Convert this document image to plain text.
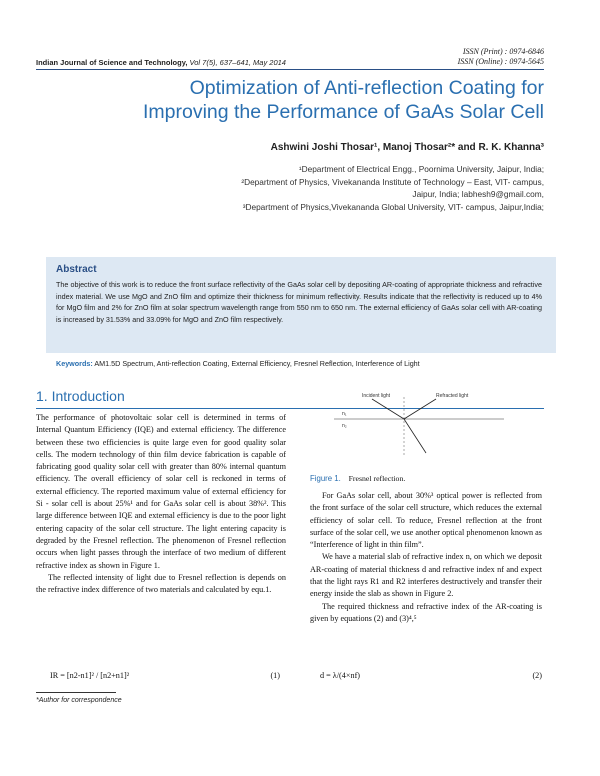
ISSN (Print) : 0974-6846
ISSN (Online) : 0974-5645
Indian Journal of Science and Technology, Vol 7(5), 637–641, May 2014
Optimization of Anti-reflection Coating for
Improving the Performance of GaAs Solar Cell
Ashwini Joshi Thosar¹, Manoj Thosar²* and R. K. Khanna³
¹Department of Electrical Engg., Poornima University, Jaipur, India;
²Department of Physics, Vivekananda Institute of Technology – East, VIT- campus,
Jaipur, India; labhesh9@gmail.com,
³Department of Physics,Vivekananda Global University, VIT- campus, Jaipur,India;
Abstract
The objective of this work is to reduce the front surface reflectivity of the GaAs solar cell by depositing AR-coating of appropriate thickness and refractive index material. We use MgO and ZnO film and optimize their thickness for minimum reflectivity. Results indicate that the reflectivity is reduced up to 4% for MgO film and 2% for ZnO film at solar spectrum wavelength range from 550 nm to 650 nm. The external efficiency of GaAs solar cell with AR-coating is increased by 31.53% and 33.09% for MgO and ZnO film respectively.
Keywords: AM1.5D Spectrum, Anti-reflection Coating, External Efficiency, Fresnel Reflection, Interference of Light
1. Introduction

The performance of photovoltaic solar cell is determined in terms of Internal Quantum Efficiency (IQE) and external efficiency. The difference between these two efficiencies is quite large even for good quality solar cells. The modern technology of thin film device fabrication is capable of fabricating good quality solar cell with greater than 80% internal quantum efficiency. The overall efficiency of solar cell is reckoned in terms of external efficiency. The reported maximum value of external efficiency for Si - solar cell is about 25%¹ and for GaAs solar cell is about 38%². This large difference between IQE and external efficiency is due to the poor light entering capacity of the solar cell structure. The light entering capacity is degraded by the Fresnel reflection. The phenomenon of Fresnel reflection occurs when light passes through the interface of two medium of different refractive index as shown in Figure 1.

The reflected intensity of light due to Fresnel reflection is depends on the refractive index difference of two materials and calculated by equ.1.

IR = [n2-n1]² / [n2+n1]²	(1)
Incident light	Refracted light
n₁
n₂
Figure 1. Fresnel reflection.

For GaAs solar cell, about 30%³ optical power is reflected from the front surface of the solar cell structure, which reduces the external efficiency of solar cell. To reduce, Fresnel reflection at the front surface of the solar cell, we use another optical phenomenon known as “Interference of light in thin film”.

We have a material slab of refractive index n, on which we deposit AR-coating of material thickness d and refractive index nf and expect that the light rays R1 and R2 interferes destructively and transfer their energy inside the slab as shown in Figure 2.

The required thickness and refractive index of the AR-coating is given by equations (2) and (3)⁴,⁵

d = λ/(4×nf)	(2)
*Author for correspondence
